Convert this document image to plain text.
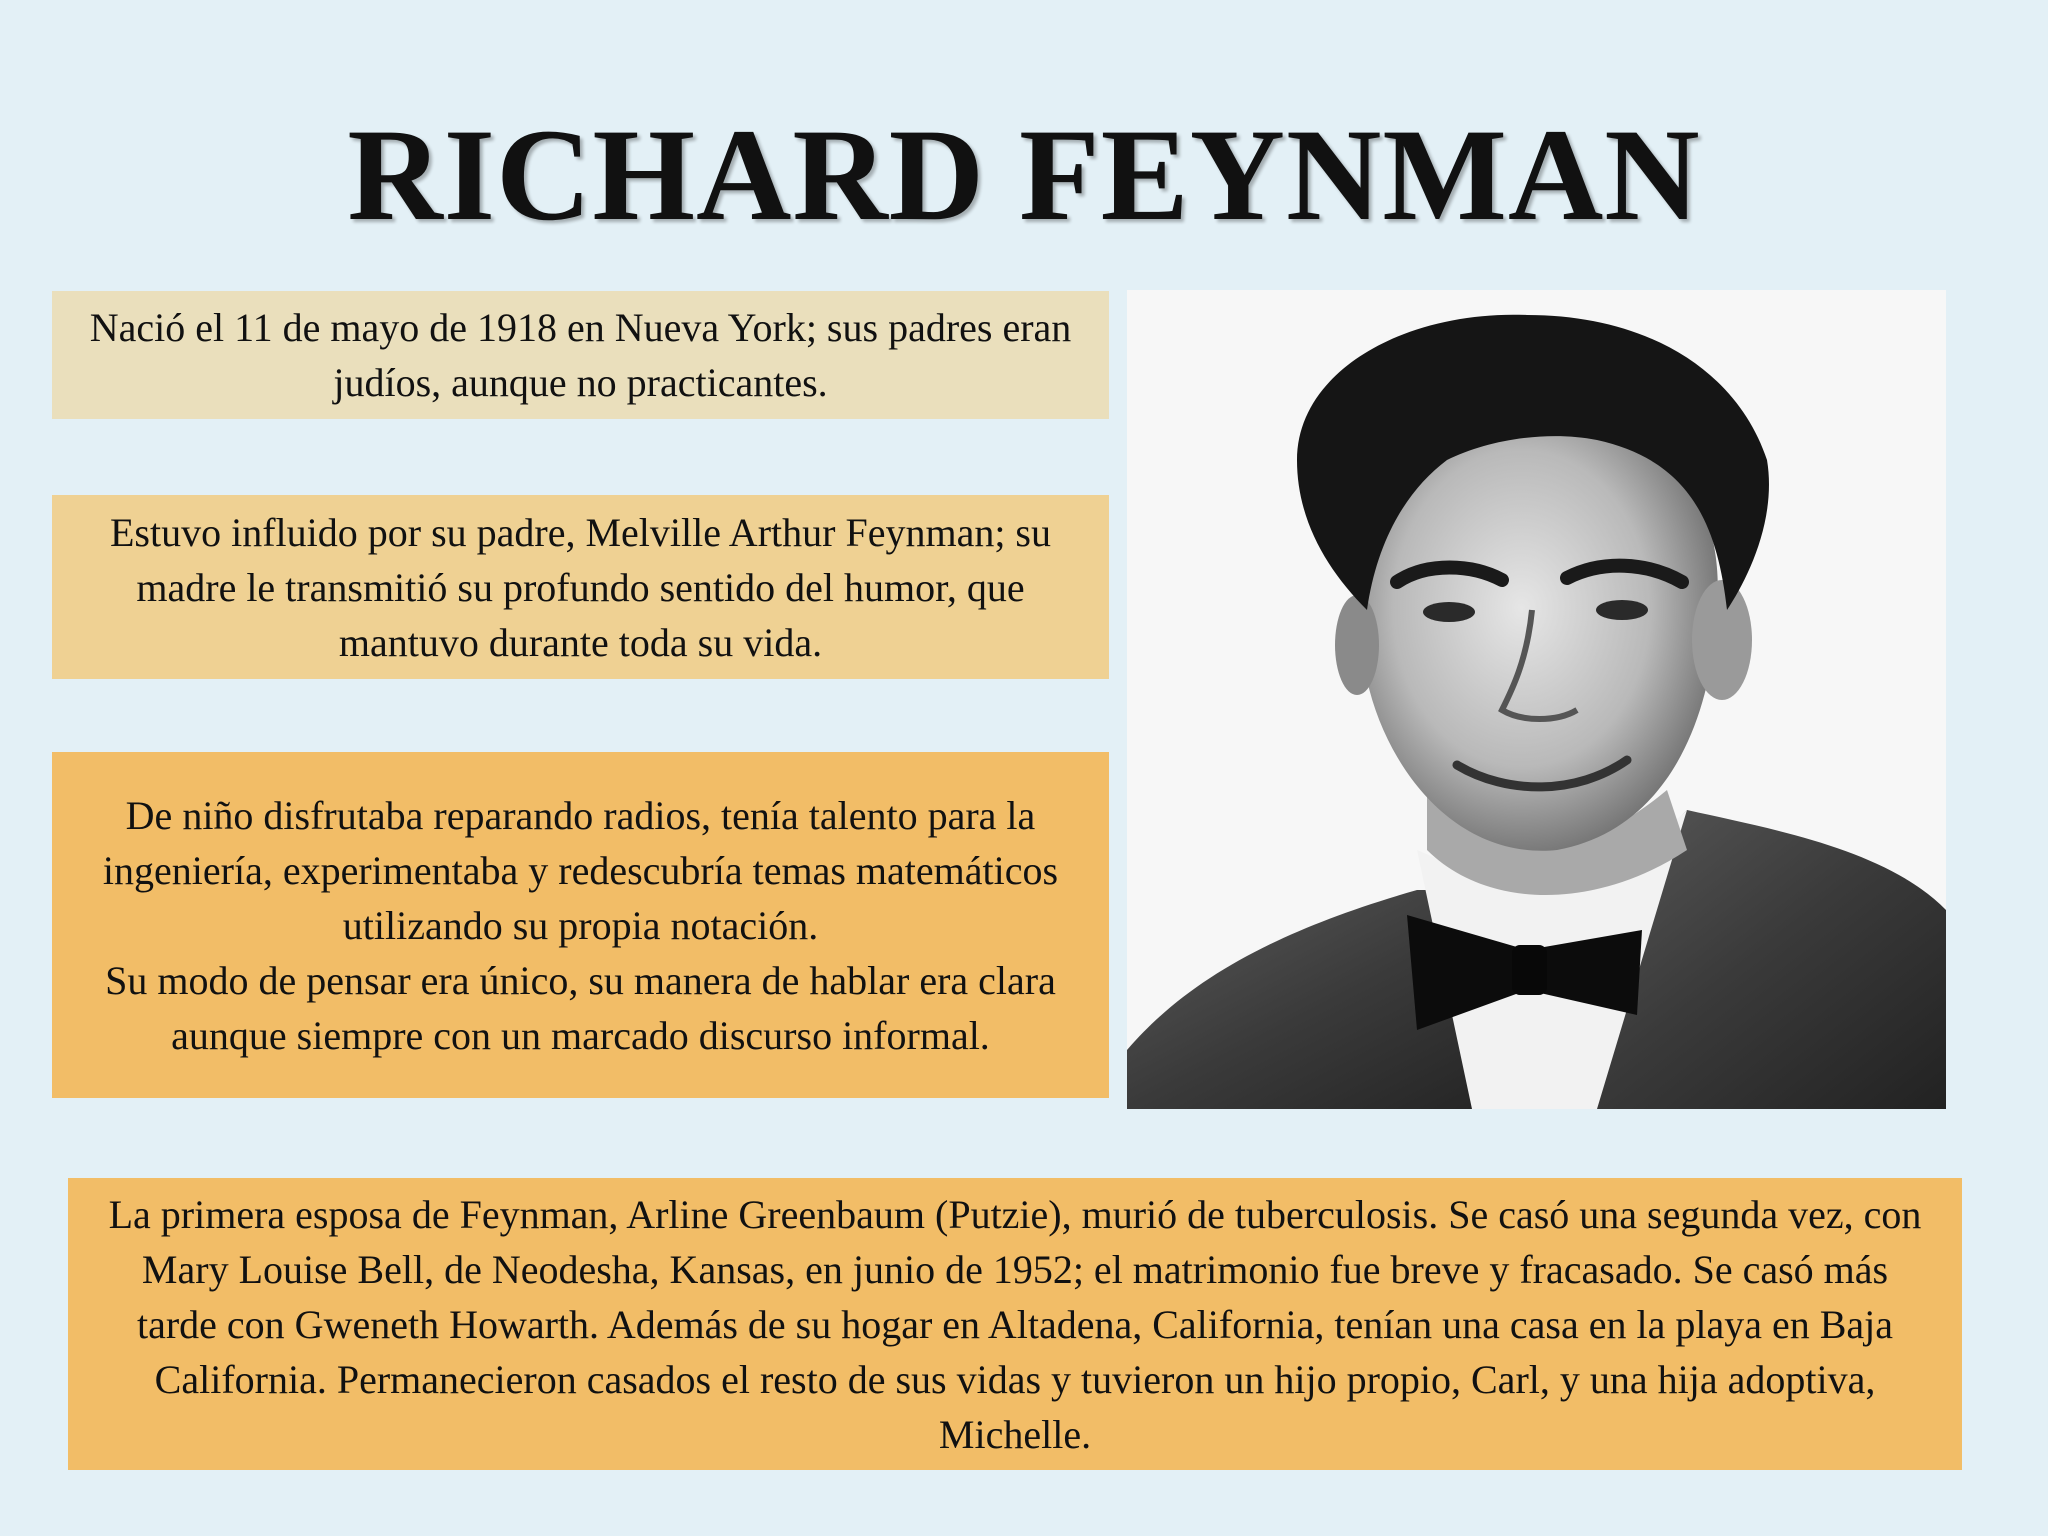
RICHARD FEYNMAN

Nació el 11 de mayo de 1918 en Nueva York; sus padres eran judíos, aunque no practicantes.

Estuvo influido por su padre, Melville Arthur Feynman; su madre le transmitió su profundo sentido del humor, que mantuvo durante toda su vida.

De niño disfrutaba reparando radios, tenía talento para la ingeniería, experimentaba y redescubría temas matemáticos utilizando su propia notación.

Su modo de pensar era único, su manera de hablar era clara aunque siempre con un marcado discurso informal.

La primera esposa de Feynman, Arline Greenbaum (Putzie), murió de tuberculosis. Se casó una segunda vez, con Mary Louise Bell, de Neodesha, Kansas, en junio de 1952; el matrimonio fue breve y fracasado. Se casó más tarde con Gweneth Howarth. Además de su hogar en Altadena, California, tenían una casa en la playa en Baja California. Permanecieron casados el resto de sus vidas y tuvieron un hijo propio, Carl, y una hija adoptiva, Michelle.
